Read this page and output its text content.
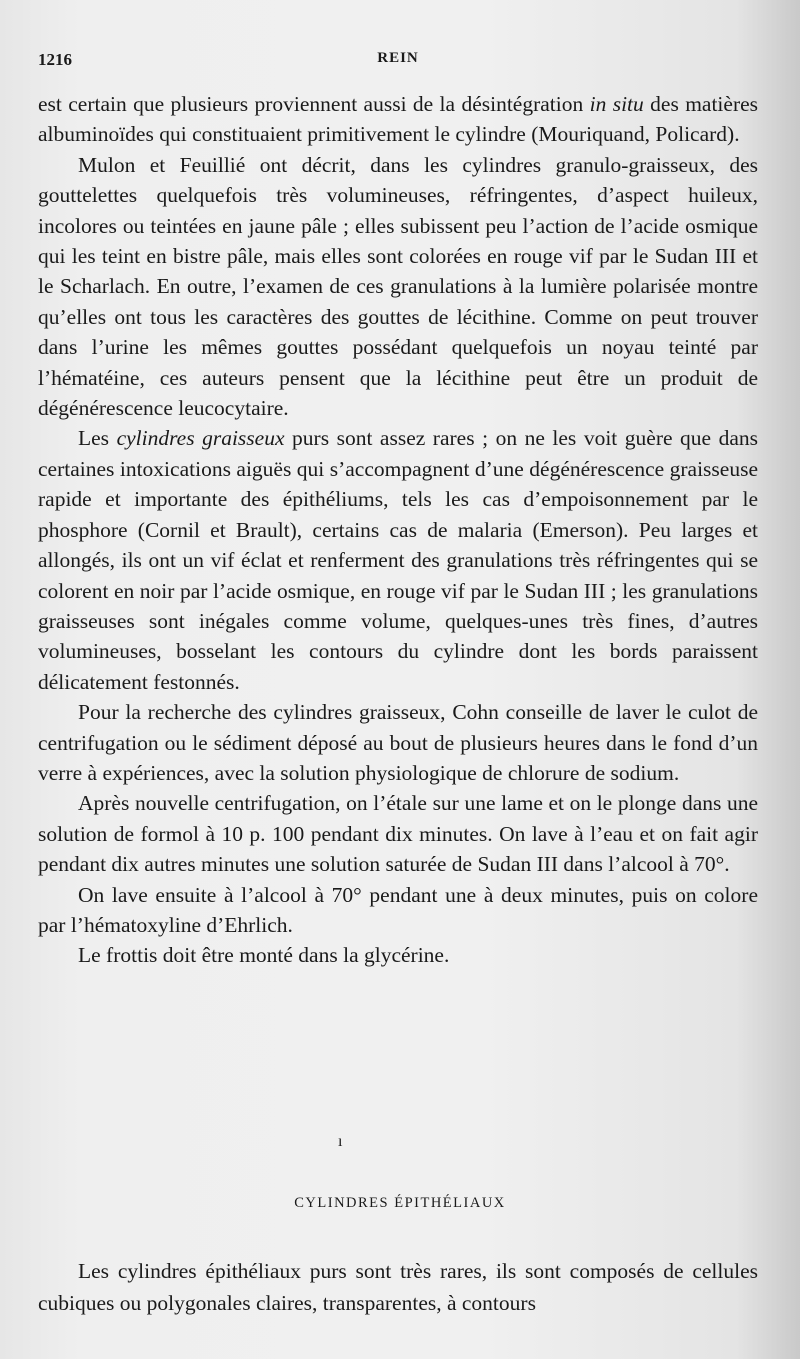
1216	REIN

est certain que plusieurs proviennent aussi de la désintégration in situ des matières albuminoïdes qui constituaient primitivement le cylindre (Mouriquand, Policard).

Mulon et Feuillié ont décrit, dans les cylindres granulo-graisseux, des gouttelettes quelquefois très volumineuses, réfringentes, d’aspect huileux, incolores ou teintées en jaune pâle ; elles subissent peu l’action de l’acide osmique qui les teint en bistre pâle, mais elles sont colorées en rouge vif par le Sudan III et le Scharlach. En outre, l’examen de ces granulations à la lumière polarisée montre qu’elles ont tous les caractères des gouttes de lécithine. Comme on peut trouver dans l’urine les mêmes gouttes possédant quelquefois un noyau teinté par l’hématéine, ces auteurs pensent que la lécithine peut être un produit de dégénérescence leucocytaire.

Les cylindres graisseux purs sont assez rares ; on ne les voit guère que dans certaines intoxications aiguës qui s’accompagnent d’une dégénérescence graisseuse rapide et importante des épithéliums, tels les cas d’empoisonnement par le phosphore (Cornil et Brault), certains cas de malaria (Emerson). Peu larges et allongés, ils ont un vif éclat et renferment des granulations très réfringentes qui se colorent en noir par l’acide osmique, en rouge vif par le Sudan III ; les granulations graisseuses sont inégales comme volume, quelques-unes très fines, d’autres volumineuses, bosselant les contours du cylindre dont les bords paraissent délicatement festonnés.

Pour la recherche des cylindres graisseux, Cohn conseille de laver le culot de centrifugation ou le sédiment déposé au bout de plusieurs heures dans le fond d’un verre à expériences, avec la solution physiologique de chlorure de sodium.

Après nouvelle centrifugation, on l’étale sur une lame et on le plonge dans une solution de formol à 10 p. 100 pendant dix minutes. On lave à l’eau et on fait agir pendant dix autres minutes une solution saturée de Sudan III dans l’alcool à 70°.

On lave ensuite à l’alcool à 70° pendant une à deux minutes, puis on colore par l’hématoxyline d’Ehrlich.

Le frottis doit être monté dans la glycérine.

ı
CYLINDRES ÉPITHÉLIAUX

Les cylindres épithéliaux purs sont très rares, ils sont composés de cellules cubiques ou polygonales claires, transparentes, à contours
